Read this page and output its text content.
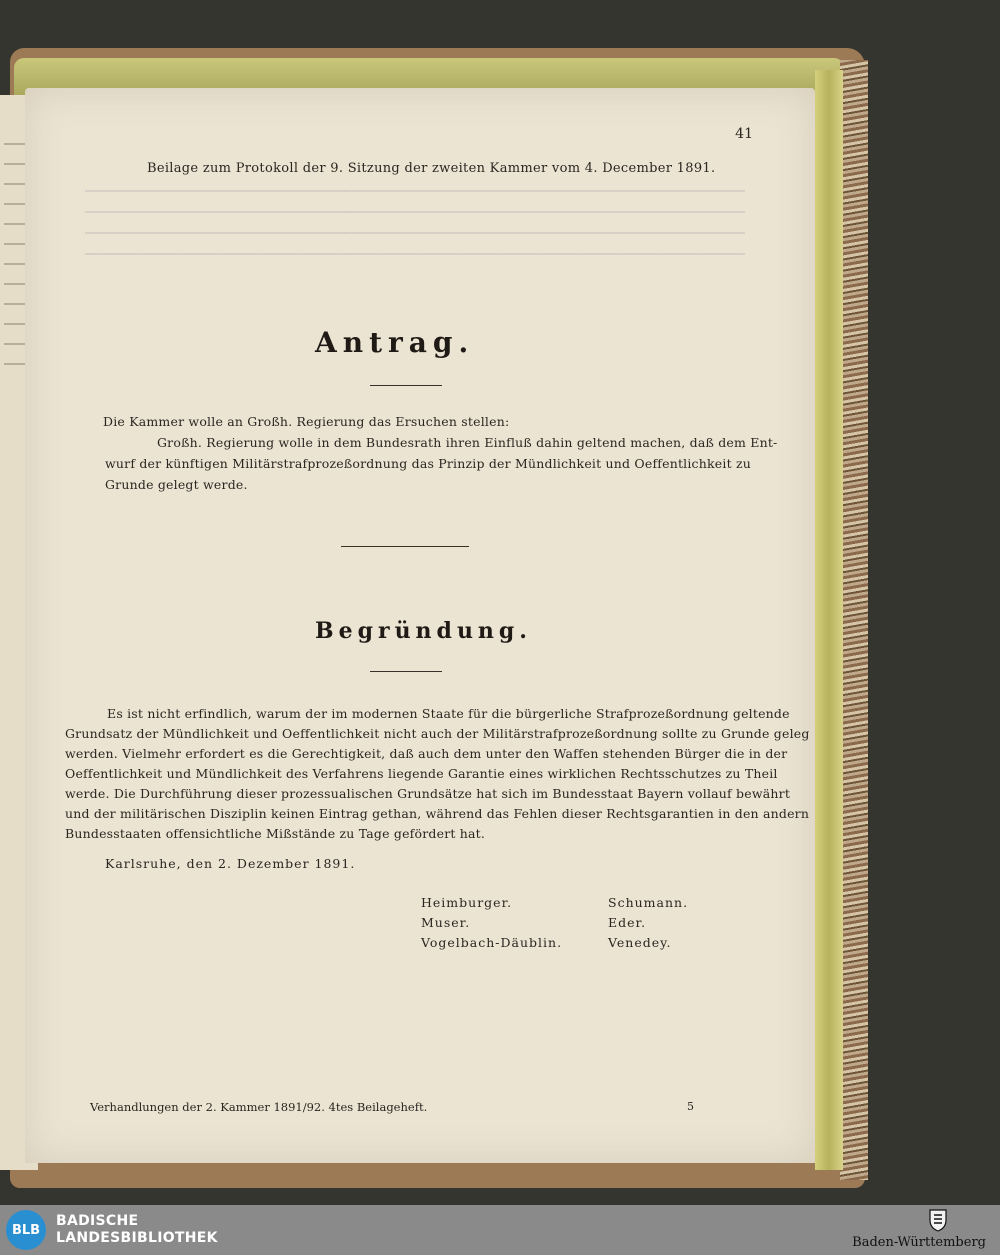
▔▔▔▔▔▔▔▔▔▔▔▔▔▔▔▔▔▔▔▔▔▔▔▔▔▔▔▔▔▔▔▔▔▔▔▔▔▔▔▔▔▔▔▔▔▔▔▔▔▔▔▔▔▔▔▔▔▔▔▔▔▔▔▔▔▔
▔▔▔▔▔▔▔▔▔▔▔▔▔▔▔▔▔▔▔▔▔▔▔▔▔▔▔▔▔▔▔▔▔▔▔▔▔▔▔▔▔▔▔▔▔▔▔▔▔▔▔▔▔▔▔▔▔▔▔▔▔▔▔▔▔▔
▔▔▔▔▔▔▔▔▔▔▔▔▔▔▔▔▔▔▔▔▔▔▔▔▔▔▔▔▔▔▔▔▔▔▔▔▔▔▔▔▔▔▔▔▔▔▔▔▔▔▔▔▔▔▔▔▔▔▔▔▔▔▔▔▔▔
▔▔▔▔▔▔▔▔▔▔▔▔▔▔▔▔▔▔▔▔▔▔▔▔▔▔▔▔▔▔▔▔▔▔▔▔▔▔▔▔▔▔▔▔▔▔▔▔▔▔▔▔▔▔▔▔▔▔▔▔▔▔▔▔▔▔
41
Beilage zum Protokoll der 9. Sitzung der zweiten Kammer vom 4. December 1891.
Antrag.
Die Kammer wolle an Großh. Regierung das Ersuchen stellen:
Großh. Regierung wolle in dem Bundesrath ihren Einfluß dahin geltend machen, daß dem Ent-
wurf der künftigen Militärstrafprozeßordnung das Prinzip der Mündlichkeit und Oeffentlichkeit zu
Grunde gelegt werde.
Begründung.
Es ist nicht erfindlich, warum der im modernen Staate für die bürgerliche Strafprozeßordnung geltende
Grundsatz der Mündlichkeit und Oeffentlichkeit nicht auch der Militärstrafprozeßordnung sollte zu Grunde geleg
werden. Vielmehr erfordert es die Gerechtigkeit, daß auch dem unter den Waffen stehenden Bürger die in der
Oeffentlichkeit und Mündlichkeit des Verfahrens liegende Garantie eines wirklichen Rechtsschutzes zu Theil
werde. Die Durchführung dieser prozessualischen Grundsätze hat sich im Bundesstaat Bayern vollauf bewährt
und der militärischen Disziplin keinen Eintrag gethan, während das Fehlen dieser Rechtsgarantien in den andern
Bundesstaaten offensichtliche Mißstände zu Tage gefördert hat.
Karlsruhe, den 2. Dezember 1891.
Heimburger.	Schumann.
Muser.	Eder.
Vogelbach-Däublin.	Venedey.
Verhandlungen der 2. Kammer 1891/92. 4tes Beilageheft.	5
BLB
BADISCHE
LANDESBIBLIOTHEK	Baden-Württemberg
